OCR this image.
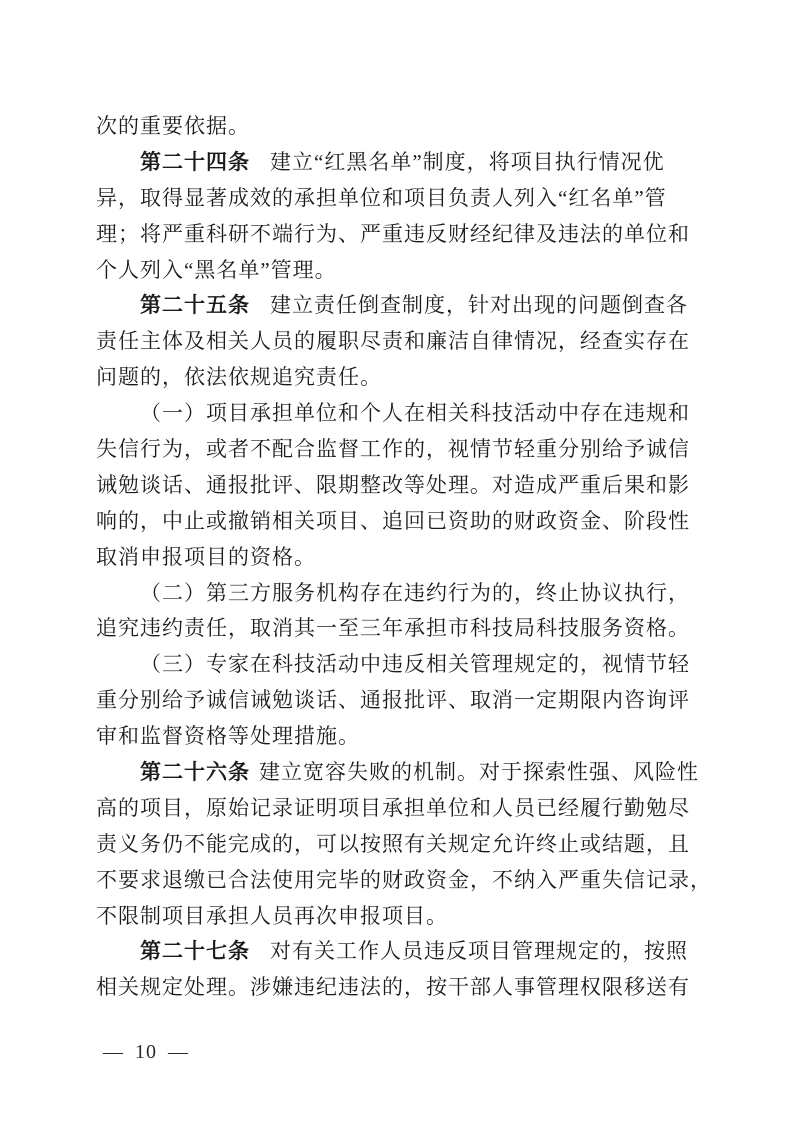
次的重要依据。
第二十四条 建立“红黑名单”制度，将项目执行情况优
异，取得显著成效的承担单位和项目负责人列入“红名单”管
理；将严重科研不端行为、严重违反财经纪律及违法的单位和
个人列入“黑名单”管理。
第二十五条 建立责任倒查制度，针对出现的问题倒查各
责任主体及相关人员的履职尽责和廉洁自律情况，经查实存在
问题的，依法依规追究责任。
（一）项目承担单位和个人在相关科技活动中存在违规和
失信行为，或者不配合监督工作的，视情节轻重分别给予诚信
诫勉谈话、通报批评、限期整改等处理。对造成严重后果和影
响的，中止或撤销相关项目、追回已资助的财政资金、阶段性
取消申报项目的资格。
（二）第三方服务机构存在违约行为的，终止协议执行，
追究违约责任，取消其一至三年承担市科技局科技服务资格。
（三）专家在科技活动中违反相关管理规定的，视情节轻
重分别给予诚信诫勉谈话、通报批评、取消一定期限内咨询评
审和监督资格等处理措施。
第二十六条 建立宽容失败的机制。对于探索性强、风险性
高的项目，原始记录证明项目承担单位和人员已经履行勤勉尽
责义务仍不能完成的，可以按照有关规定允许终止或结题，且
不要求退缴已合法使用完毕的财政资金，不纳入严重失信记录，
不限制项目承担人员再次申报项目。
第二十七条 对有关工作人员违反项目管理规定的，按照
相关规定处理。涉嫌违纪违法的，按干部人事管理权限移送有
— 10 —
